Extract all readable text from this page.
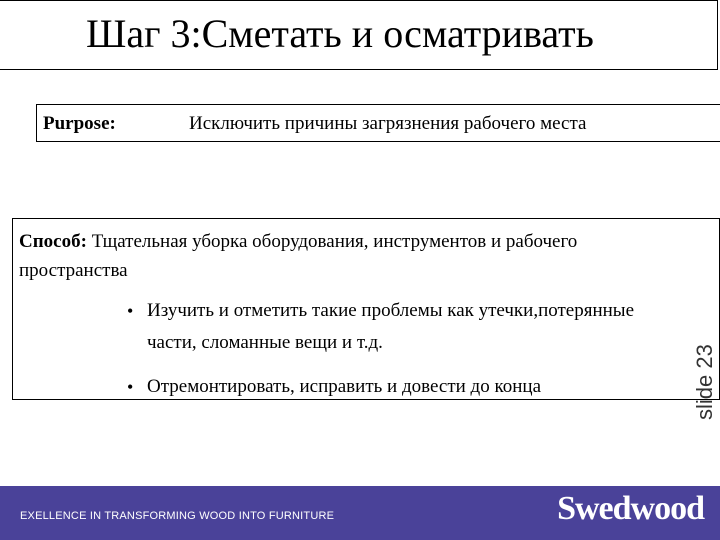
Шаг 3:Сметать и осматривать
Purpose:	Исключить причины загрязнения рабочего места
Способ: Тщательная уборка оборудования, инструментов и рабочего пространства
• Изучить и отметить такие проблемы как утечки,потерянные части, сломанные вещи и т.д.
• Отремонтировать, исправить и довести до конца	slide 23
EXELLENCE IN TRANSFORMING WOOD INTO FURNITURE	Swedwood
